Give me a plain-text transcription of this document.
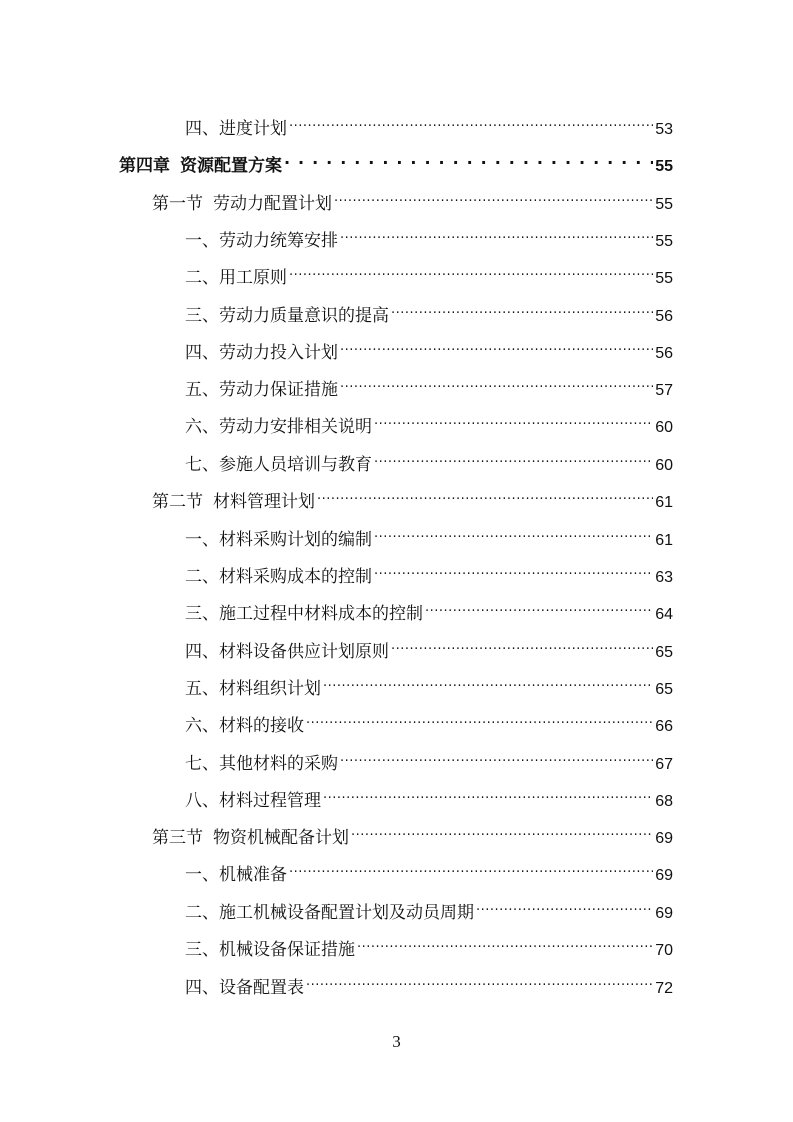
四、进度计划 .....	53
第四章 资源配置方案 . . .	55
第一节 劳动力配置计划 .....	55
一、劳动力统筹安排 .....	55
二、用工原则 .....	55
三、劳动力质量意识的提高 .....	56
四、劳动力投入计划 .....	56
五、劳动力保证措施 .....	57
六、劳动力安排相关说明 .....	60
七、参施人员培训与教育 .....	60
第二节 材料管理计划 .....	61
一、材料采购计划的编制 .....	61
二、材料采购成本的控制 .....	63
三、施工过程中材料成本的控制 .....	64
四、材料设备供应计划原则 .....	65
五、材料组织计划 .....	65
六、材料的接收 .....	66
七、其他材料的采购 .....	67
八、材料过程管理 .....	68
第三节 物资机械配备计划 .....	69
一、机械准备 .....	69
二、施工机械设备配置计划及动员周期 .....	69
三、机械设备保证措施 .....	70
四、设备配置表 .....	72
3
